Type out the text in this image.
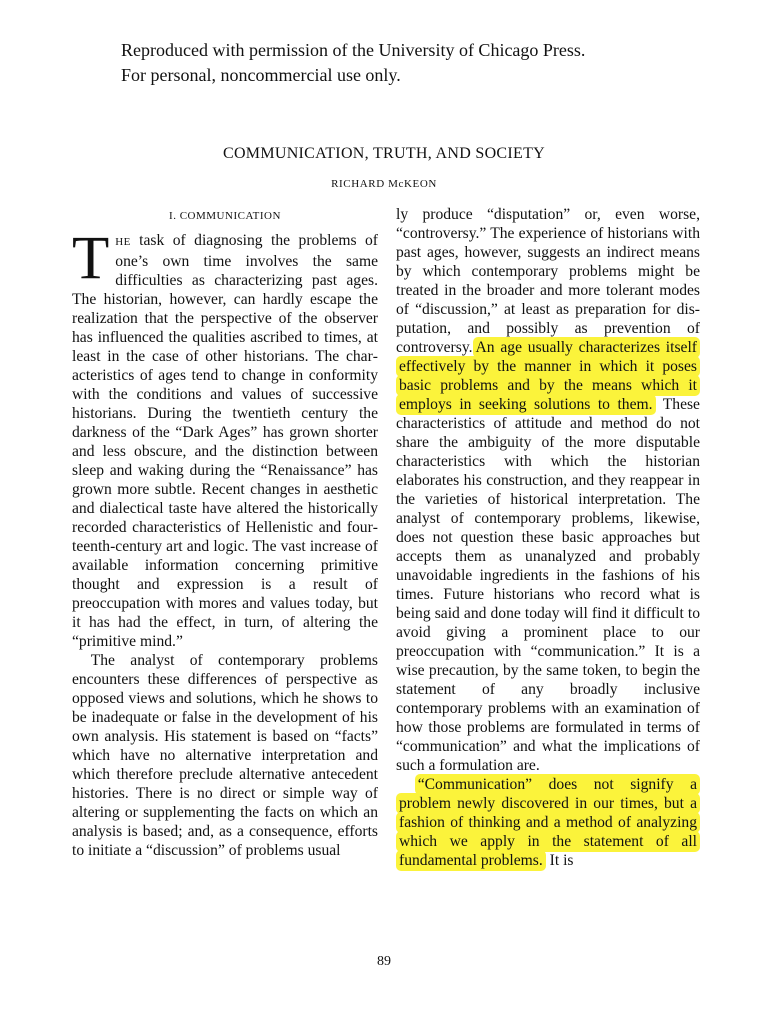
Reproduced with permission of the University of Chicago Press.

For personal, noncommercial use only.

COMMUNICATION, TRUTH, AND SOCIETY
RICHARD McKEON
I. COMMUNICATION

THE task of diagnosing the problems of one’s own time involves the same difficulties as characterizing past ages. The historian, however, can hardly escape the realization that the perspective of the observer has influenced the qualities ascribed to times, at least in the case of other historians. The characteristics of ages tend to change in conformity with the conditions and values of successive historians. During the twentieth century the darkness of the “Dark Ages” has grown shorter and less obscure, and the distinction between sleep and waking during the “Renaissance” has grown more subtle. Recent changes in aesthetic and dialectical taste have altered the historically recorded characteristics of Hellenistic and fourteenth-century art and logic. The vast increase of available information concerning primitive thought and expression is a result of preoccupation with mores and values today, but it has had the effect, in turn, of altering the “primitive mind.”

The analyst of contemporary problems encounters these differences of perspective as opposed views and solutions, which he shows to be inadequate or false in the development of his own analysis. His statement is based on “facts” which have no alternative interpretation and which therefore preclude alternative antecedent histories. There is no direct or simple way of altering or supplementing the facts on which an analysis is based; and, as a consequence, efforts to initiate a “discussion” of problems usual

ly produce “disputation” or, even worse, “controversy.” The experience of historians with past ages, however, suggests an indirect means by which contemporary problems might be treated in the broader and more tolerant modes of “discussion,” at least as preparation for disputation, and possibly as prevention of controversy. An age usually characterizes itself effectively by the manner in which it poses basic problems and by the means which it employs in seeking solutions to them. These characteristics of attitude and method do not share the ambiguity of the more disputable characteristics with which the historian elaborates his construction, and they reappear in the varieties of historical interpretation. The analyst of contemporary problems, likewise, does not question these basic approaches but accepts them as unanalyzed and probably unavoidable ingredients in the fashions of his times. Future historians who record what is being said and done today will find it difficult to avoid giving a prominent place to our preoccupation with “communication.” It is a wise precaution, by the same token, to begin the statement of any broadly inclusive contemporary problems with an examination of how those problems are formulated in terms of “communication” and what the implications of such a formulation are.

“Communication” does not signify a problem newly discovered in our times, but a fashion of thinking and a method of analyzing which we apply in the statement of all fundamental problems. It is

89
